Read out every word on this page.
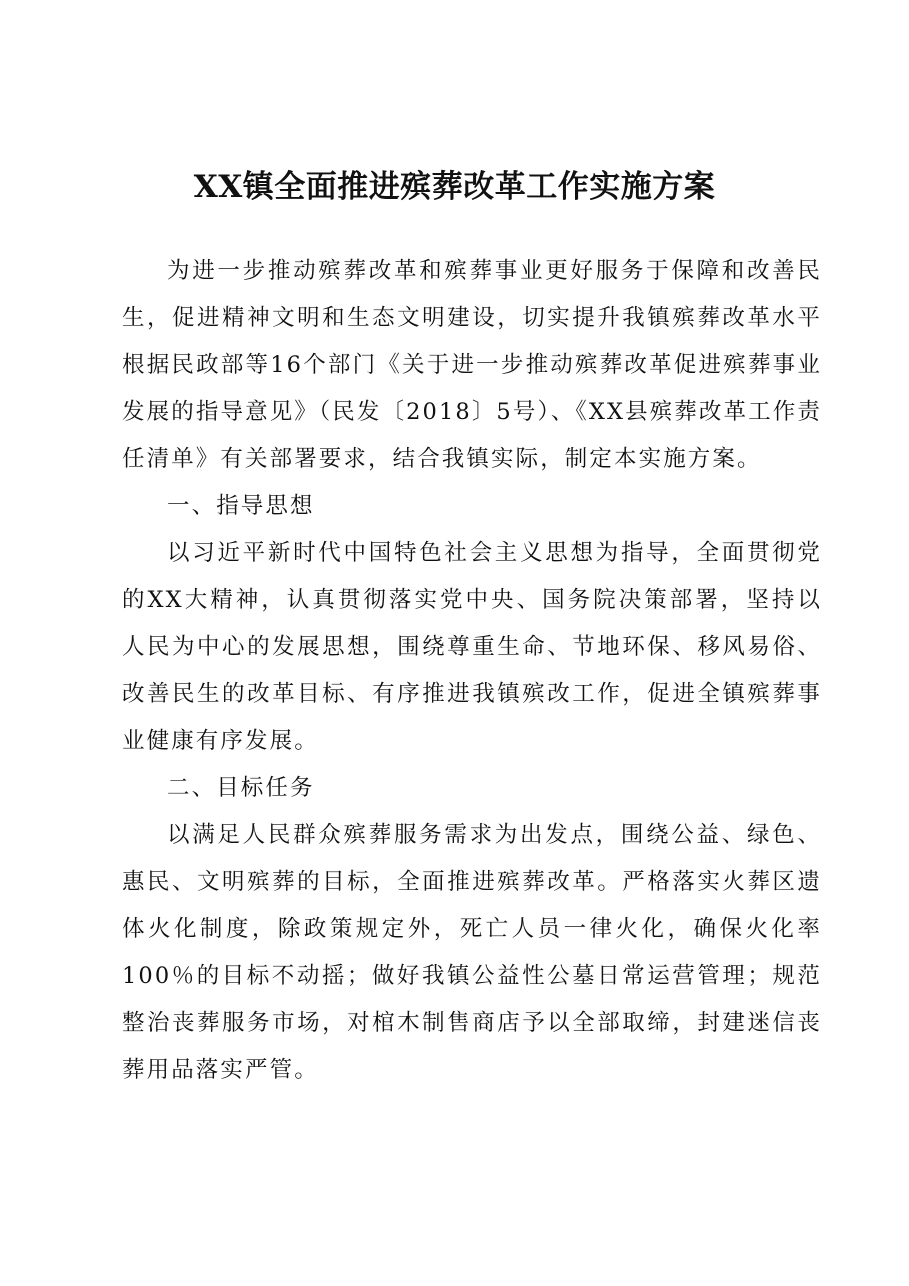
XX镇全面推进殡葬改革工作实施方案

为进一步推动殡葬改革和殡葬事业更好服务于保障和改善民生，促进精神文明和生态文明建设，切实提升我镇殡葬改革水平根据民政部等16个部门《关于进一步推动殡葬改革促进殡葬事业发展的指导意见》（民发〔2018〕5号）、《XX县殡葬改革工作责任清单》有关部署要求，结合我镇实际，制定本实施方案。

一、指导思想

以习近平新时代中国特色社会主义思想为指导，全面贯彻党的XX大精神，认真贯彻落实党中央、国务院决策部署，坚持以人民为中心的发展思想，围绕尊重生命、节地环保、移风易俗、改善民生的改革目标、有序推进我镇殡改工作，促进全镇殡葬事业健康有序发展。

二、目标任务

以满足人民群众殡葬服务需求为出发点，围绕公益、绿色、惠民、文明殡葬的目标，全面推进殡葬改革。严格落实火葬区遗体火化制度，除政策规定外，死亡人员一律火化，确保火化率100％的目标不动摇；做好我镇公益性公墓日常运营管理；规范整治丧葬服务市场，对棺木制售商店予以全部取缔，封建迷信丧葬用品落实严管。
